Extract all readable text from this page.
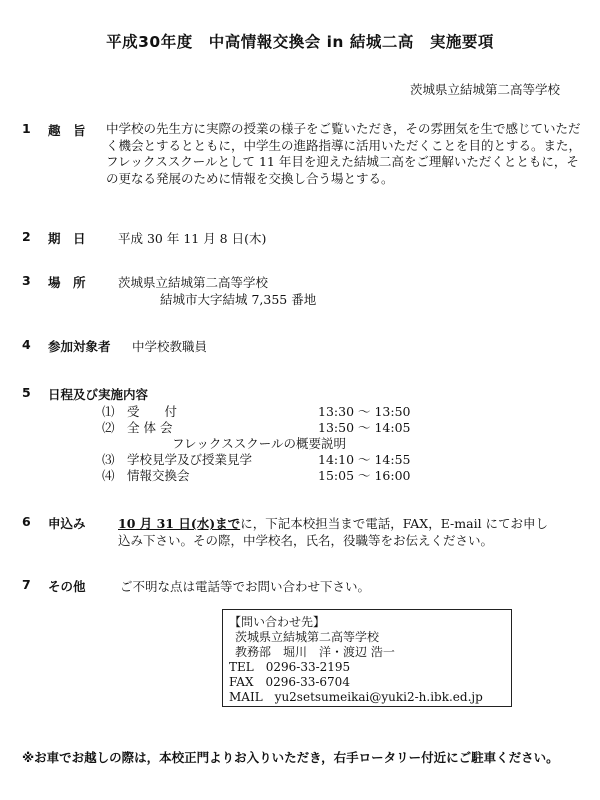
平成30年度　中高情報交換会 in 結城二高　実施要項
茨城県立結城第二高等学校
1 趣　旨 中学校の先生方に実際の授業の様子をご覧いただき，その雰囲気を生で感じていただく機会とするとともに，中学生の進路指導に活用いただくことを目的とする。また，フレックススクールとして 11 年目を迎えた結城二高をご理解いただくとともに，その更なる発展のために情報を交換し合う場とする。
2 期　日	平成 30 年 11 月 8 日(木)
3 場　所	茨城県立結城第二高等学校
結城市大字結城 7,355 番地
4 参加対象者 中学校教職員
5 日程及び実施内容
⑴　受　　付	13:30 ～ 13:50
⑵　全 体 会	13:50 ～ 14:05
フレックススクールの概要説明
⑶　学校見学及び授業見学	14:10 ～ 14:55
⑷　情報交換会	15:05 ～ 16:00
6 申込み	10 月 31 日(水)までに，下記本校担当まで電話，FAX，E-mail にてお申し
込み下さい。その際，中学校名，氏名，役職等をお伝えください。
7 その他	ご不明な点は電話等でお問い合わせ下さい。
【問い合わせ先】
茨城県立結城第二高等学校
教務部　堀川　洋・渡辺 浩一
TEL　0296-33-2195
FAX　0296-33-6704
MAIL　yu2setsumeikai@yuki2-h.ibk.ed.jp
※お車でお越しの際は，本校正門よりお入りいただき，右手ロータリー付近にご駐車ください。
